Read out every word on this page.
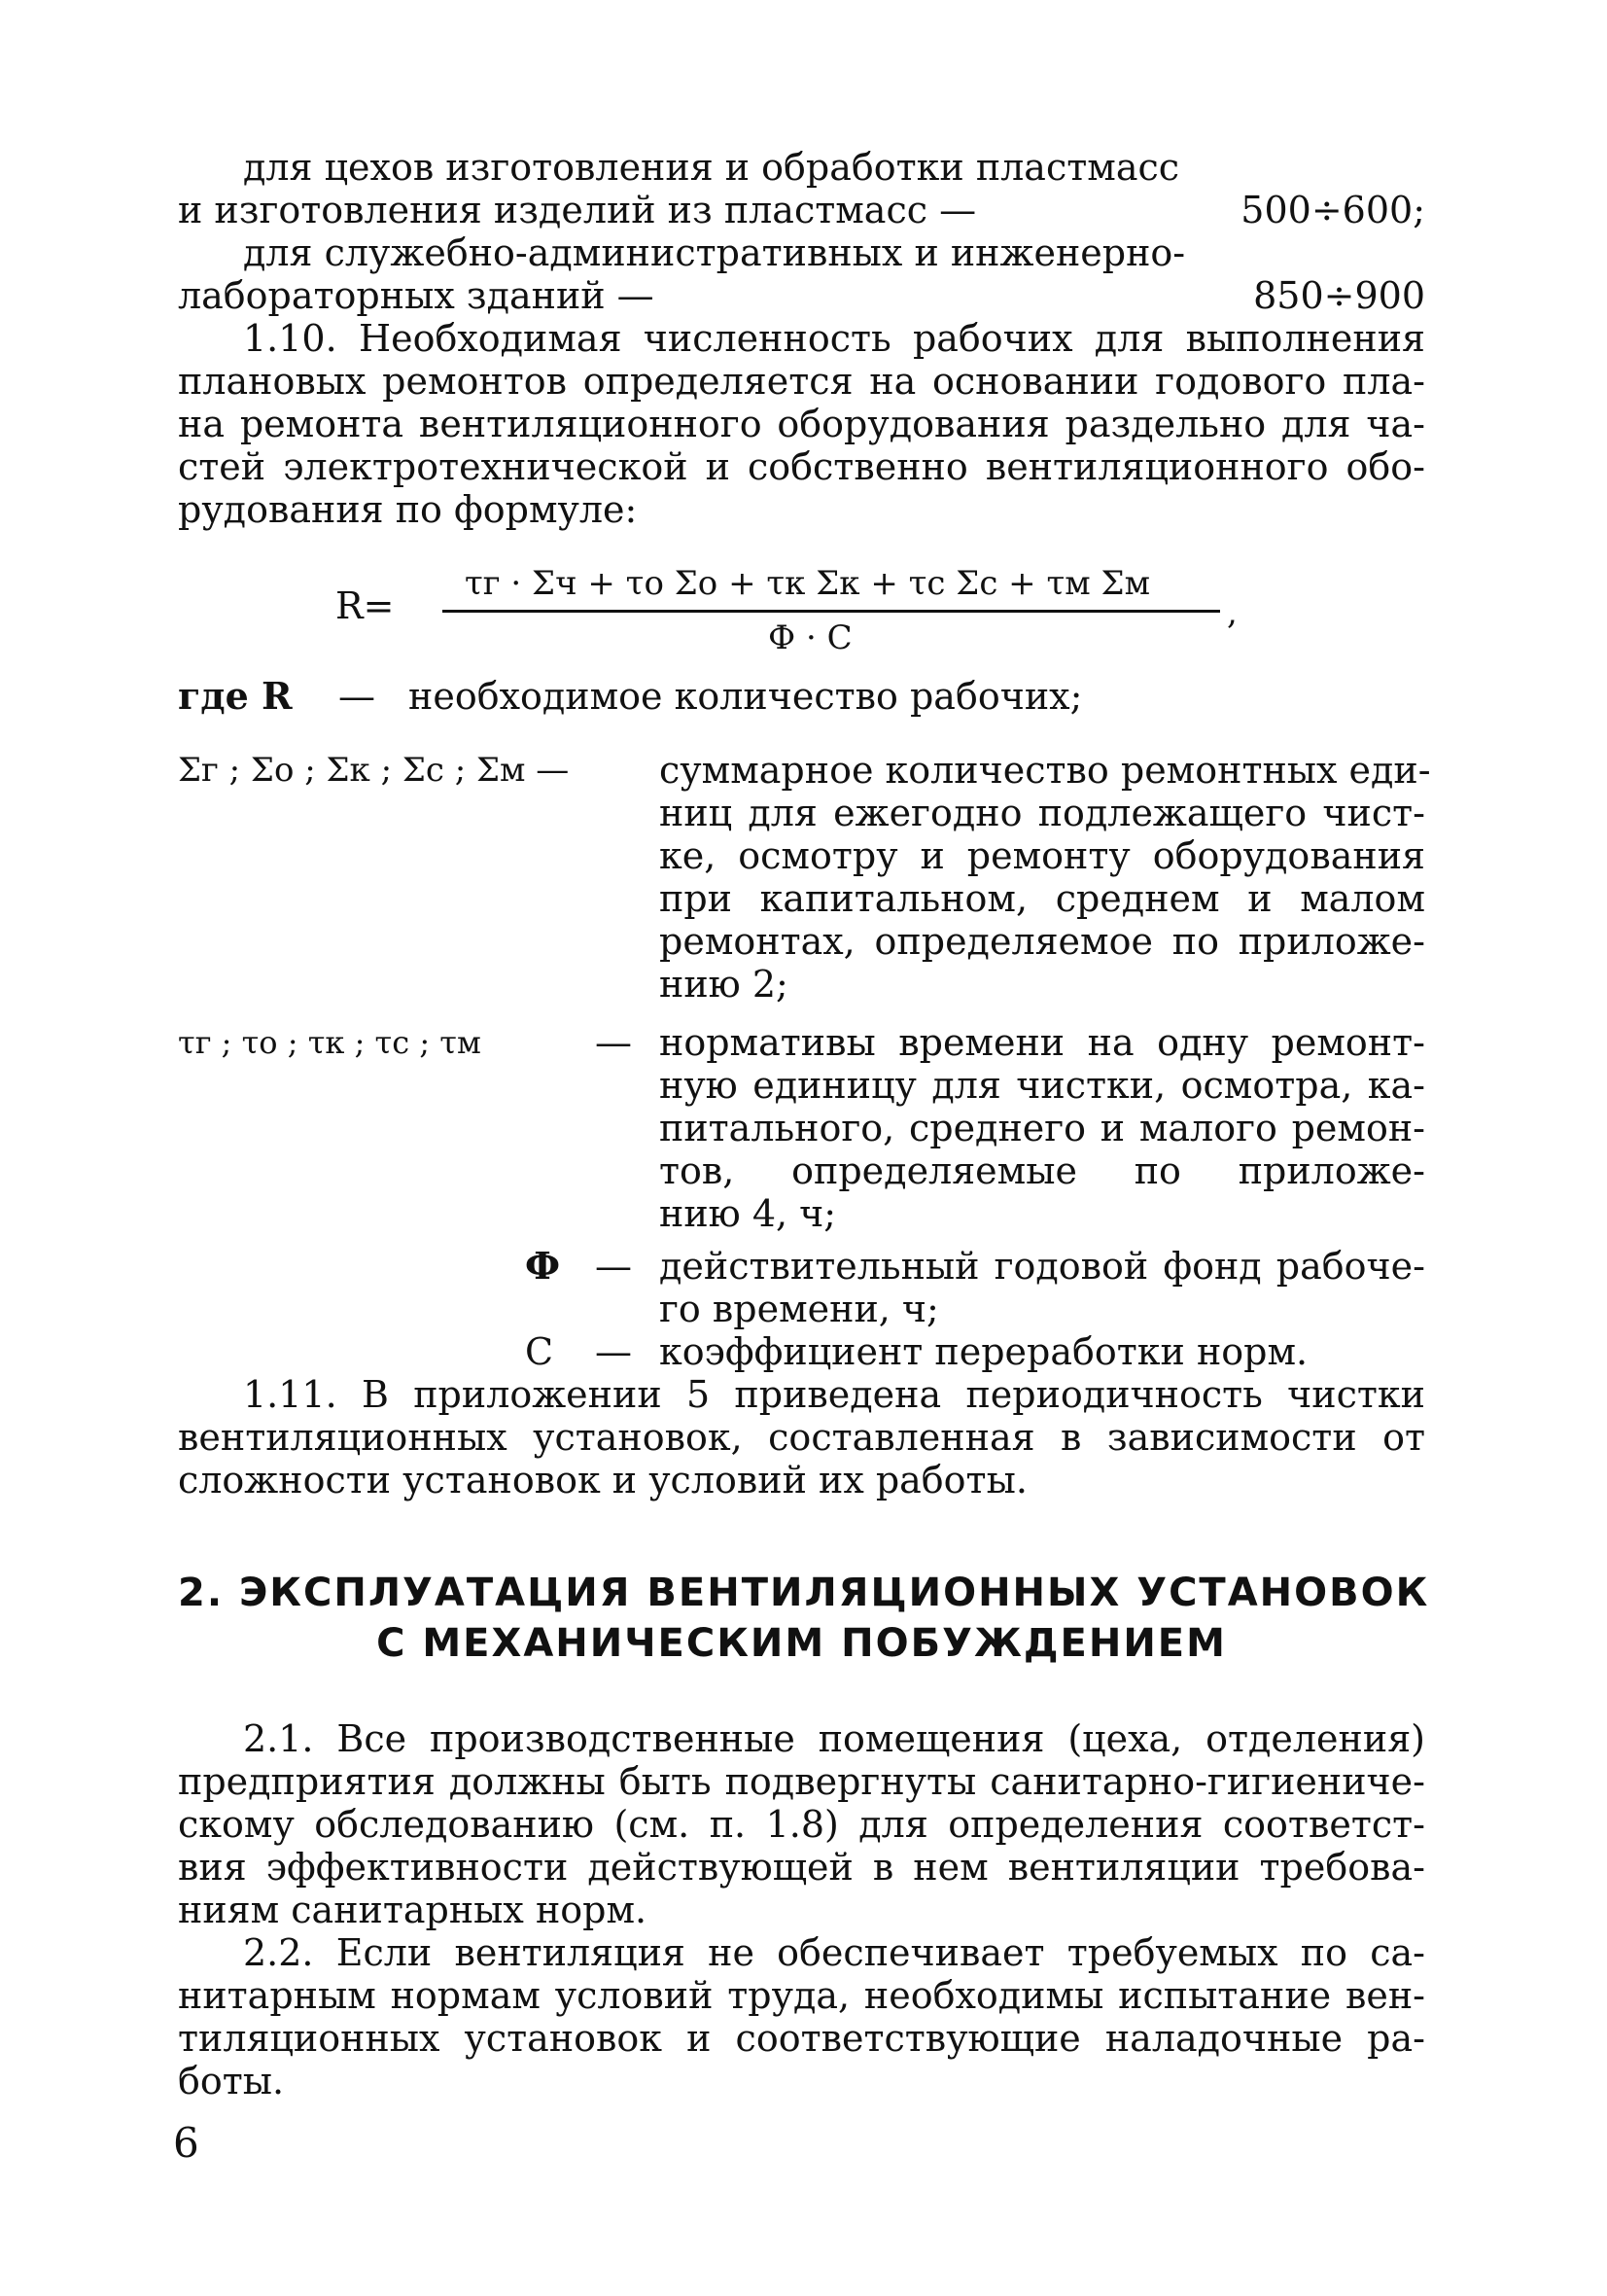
для цехов изготовления и обработки пластмасс
и изготовления изделий из пластмасс —	500÷600;
для служебно-административных и инженерно-
лабораторных зданий —	850÷900
1.10. Необходимая численность рабочих для выполнения
плановых ремонтов определяется на основании годового пла-
на ремонта вентиляционного оборудования раздельно для ча-
стей электротехнической и собственно вентиляционного обо-
рудования по формуле:
R=
τг · Σч + τо Σо + τк Σк + τс Σс + τм Σм
Ф · С
,
где R — необходимое количество рабочих;
Σг ; Σо ; Σк ; Σс ; Σм — суммарное количество ремонтных еди-
ниц для ежегодно подлежащего чист-
ке, осмотру и ремонту оборудования
при капитальном, среднем и малом
ремонтах, определяемое по приложе-
нию 2;
τг ; τо ; τк ; τс ; τм	— нормативы времени на одну ремонт-
ную единицу для чистки, осмотра, ка-
питального, среднего и малого ремон-
тов, определяемые по приложе-
нию 4, ч;
Ф — действительный годовой фонд рабоче-
го времени, ч;
С — коэффициент переработки норм.
1.11. В приложении 5 приведена периодичность чистки
вентиляционных установок, составленная в зависимости от
сложности установок и условий их работы.
2. ЭКСПЛУАТАЦИЯ ВЕНТИЛЯЦИОННЫХ УСТАНОВОК
С МЕХАНИЧЕСКИМ ПОБУЖДЕНИЕМ
2.1. Все производственные помещения (цеха, отделения)
предприятия должны быть подвергнуты санитарно-гигиениче-
скому обследованию (см. п. 1.8) для определения соответст-
вия эффективности действующей в нем вентиляции требова-
ниям санитарных норм.
2.2. Если вентиляция не обеспечивает требуемых по са-
нитарным нормам условий труда, необходимы испытание вен-
тиляционных установок и соответствующие наладочные ра-
боты.
6
